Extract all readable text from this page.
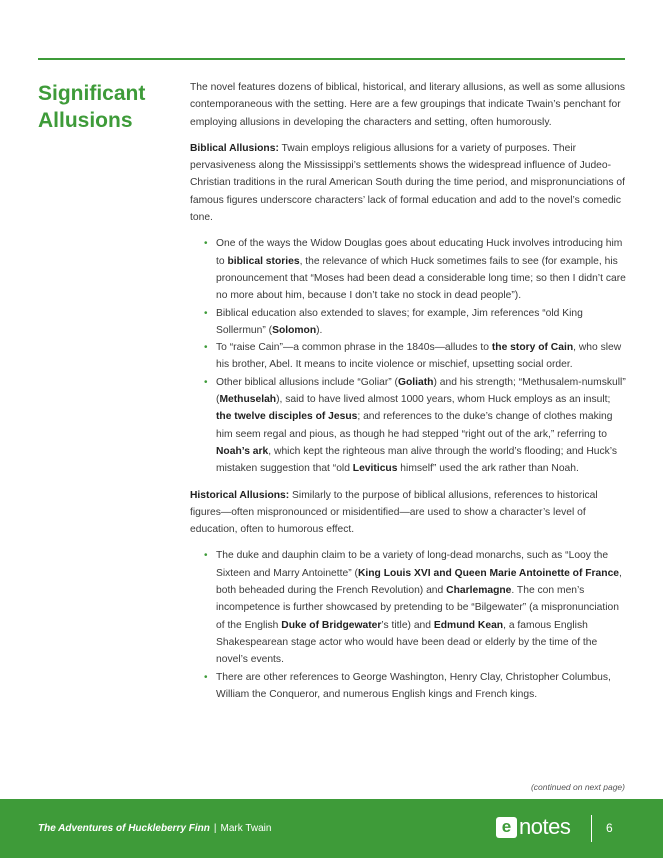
Significant Allusions

The novel features dozens of biblical, historical, and literary allusions, as well as some allusions contemporaneous with the setting. Here are a few groupings that indicate Twain’s penchant for employing allusions in developing the characters and setting, often humorously.

Biblical Allusions: Twain employs religious allusions for a variety of purposes. Their pervasiveness along the Mississippi’s settlements shows the widespread influence of Judeo-Christian traditions in the rural American South during the time period, and mispronunciations of famous figures underscore characters’ lack of formal education and add to the novel’s comedic tone.

• One of the ways the Widow Douglas goes about educating Huck involves introducing him to biblical stories, the relevance of which Huck sometimes fails to see (for example, his pronouncement that “Moses had been dead a considerable long time; so then I didn’t care no more about him, because I don’t take no stock in dead people”).
• Biblical education also extended to slaves; for example, Jim references “old King Sollermun” (Solomon).
• To “raise Cain”—a common phrase in the 1840s—alludes to the story of Cain, who slew his brother, Abel. It means to incite violence or mischief, upsetting social order.
• Other biblical allusions include “Goliar” (Goliath) and his strength; “Methusalem-numskull” (Methuselah), said to have lived almost 1000 years, whom Huck employs as an insult; the twelve disciples of Jesus; and references to the duke’s change of clothes making him seem regal and pious, as though he had stepped “right out of the ark,” referring to Noah’s ark, which kept the righteous man alive through the world’s flooding; and Huck’s mistaken suggestion that “old Leviticus himself” used the ark rather than Noah.

Historical Allusions: Similarly to the purpose of biblical allusions, references to historical figures—often mispronounced or misidentified—are used to show a character’s level of education, often to humorous effect.

• The duke and dauphin claim to be a variety of long-dead monarchs, such as “Looy the Sixteen and Marry Antoinette” (King Louis XVI and Queen Marie Antoinette of France, both beheaded during the French Revolution) and Charlemagne. The con men’s incompetence is further showcased by pretending to be “Bilgewater” (a mispronunciation of the English Duke of Bridgewater’s title) and Edmund Kean, a famous English Shakespearean stage actor who would have been dead or elderly by the time of the novel’s events.
• There are other references to George Washington, Henry Clay, Christopher Columbus, William the Conqueror, and numerous English kings and French kings.
(continued on next page)
The Adventures of Huckleberry Finn | Mark Twain	e notes	6
